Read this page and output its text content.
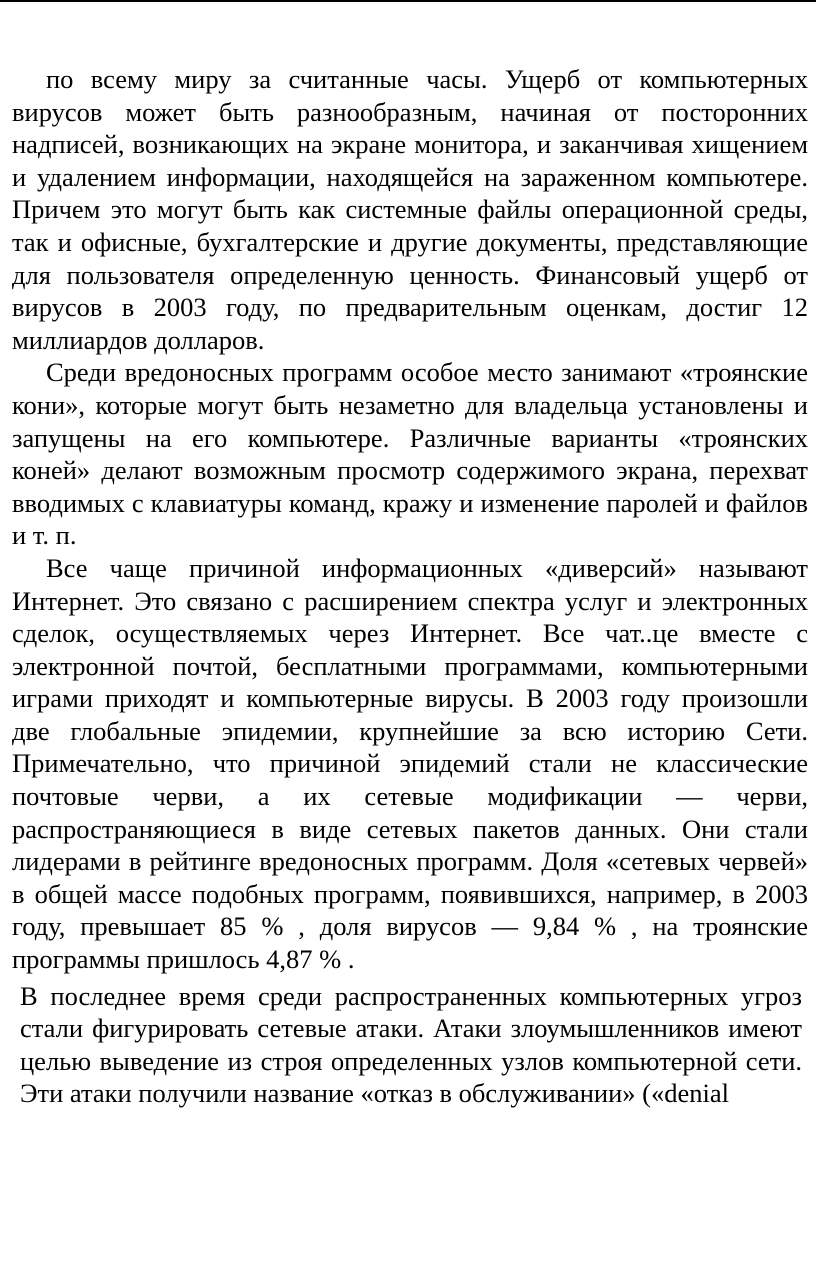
по всему миру за считанные часы. Ущерб от компьютерных вирусов может быть разнообразным, начиная от посторонних надписей, возникающих на экране монитора, и заканчивая хищением и удалением информации, находящейся на зараженном компьютере. Причем это могут быть как системные файлы операционной среды, так и офисные, бухгалтерские и другие документы, представляющие для пользователя определенную ценность. Финансовый ущерб от вирусов в 2003 году, по предварительным оценкам, достиг 12 миллиардов долларов.

Среди вредоносных программ особое место занимают «троянские кони», которые могут быть незаметно для владельца установлены и запущены на его компьютере. Различные варианты «троянских коней» делают возможным просмотр содержимого экрана, перехват вводимых с клавиатуры команд, кражу и изменение паролей и файлов и т. п.

Все чаще причиной информационных «диверсий» называют Интернет. Это связано с расширением спектра услуг и электронных сделок, осуществляемых через Интернет. Все чат..це вместе с электронной почтой, бесплатными программами, компьютерными играми приходят и компьютерные вирусы. В 2003 году произошли две глобальные эпидемии, крупнейшие за всю историю Сети. Примечательно, что причиной эпидемий стали не классические почтовые черви, а их сетевые модификации — черви, распространяющиеся в виде сетевых пакетов данных. Они стали лидерами в рейтинге вредоносных программ. Доля «сетевых червей» в общей массе подобных программ, появившихся, например, в 2003 году, превышает 85 % , доля вирусов — 9,84 % , на троянские программы пришлось 4,87 % .

В последнее время среди распространенных компьютерных угроз стали фигурировать сетевые атаки. Атаки злоумышленников имеют целью выведение из строя определенных узлов компьютерной сети. Эти атаки получили название «отказ в обслуживании» («denial
